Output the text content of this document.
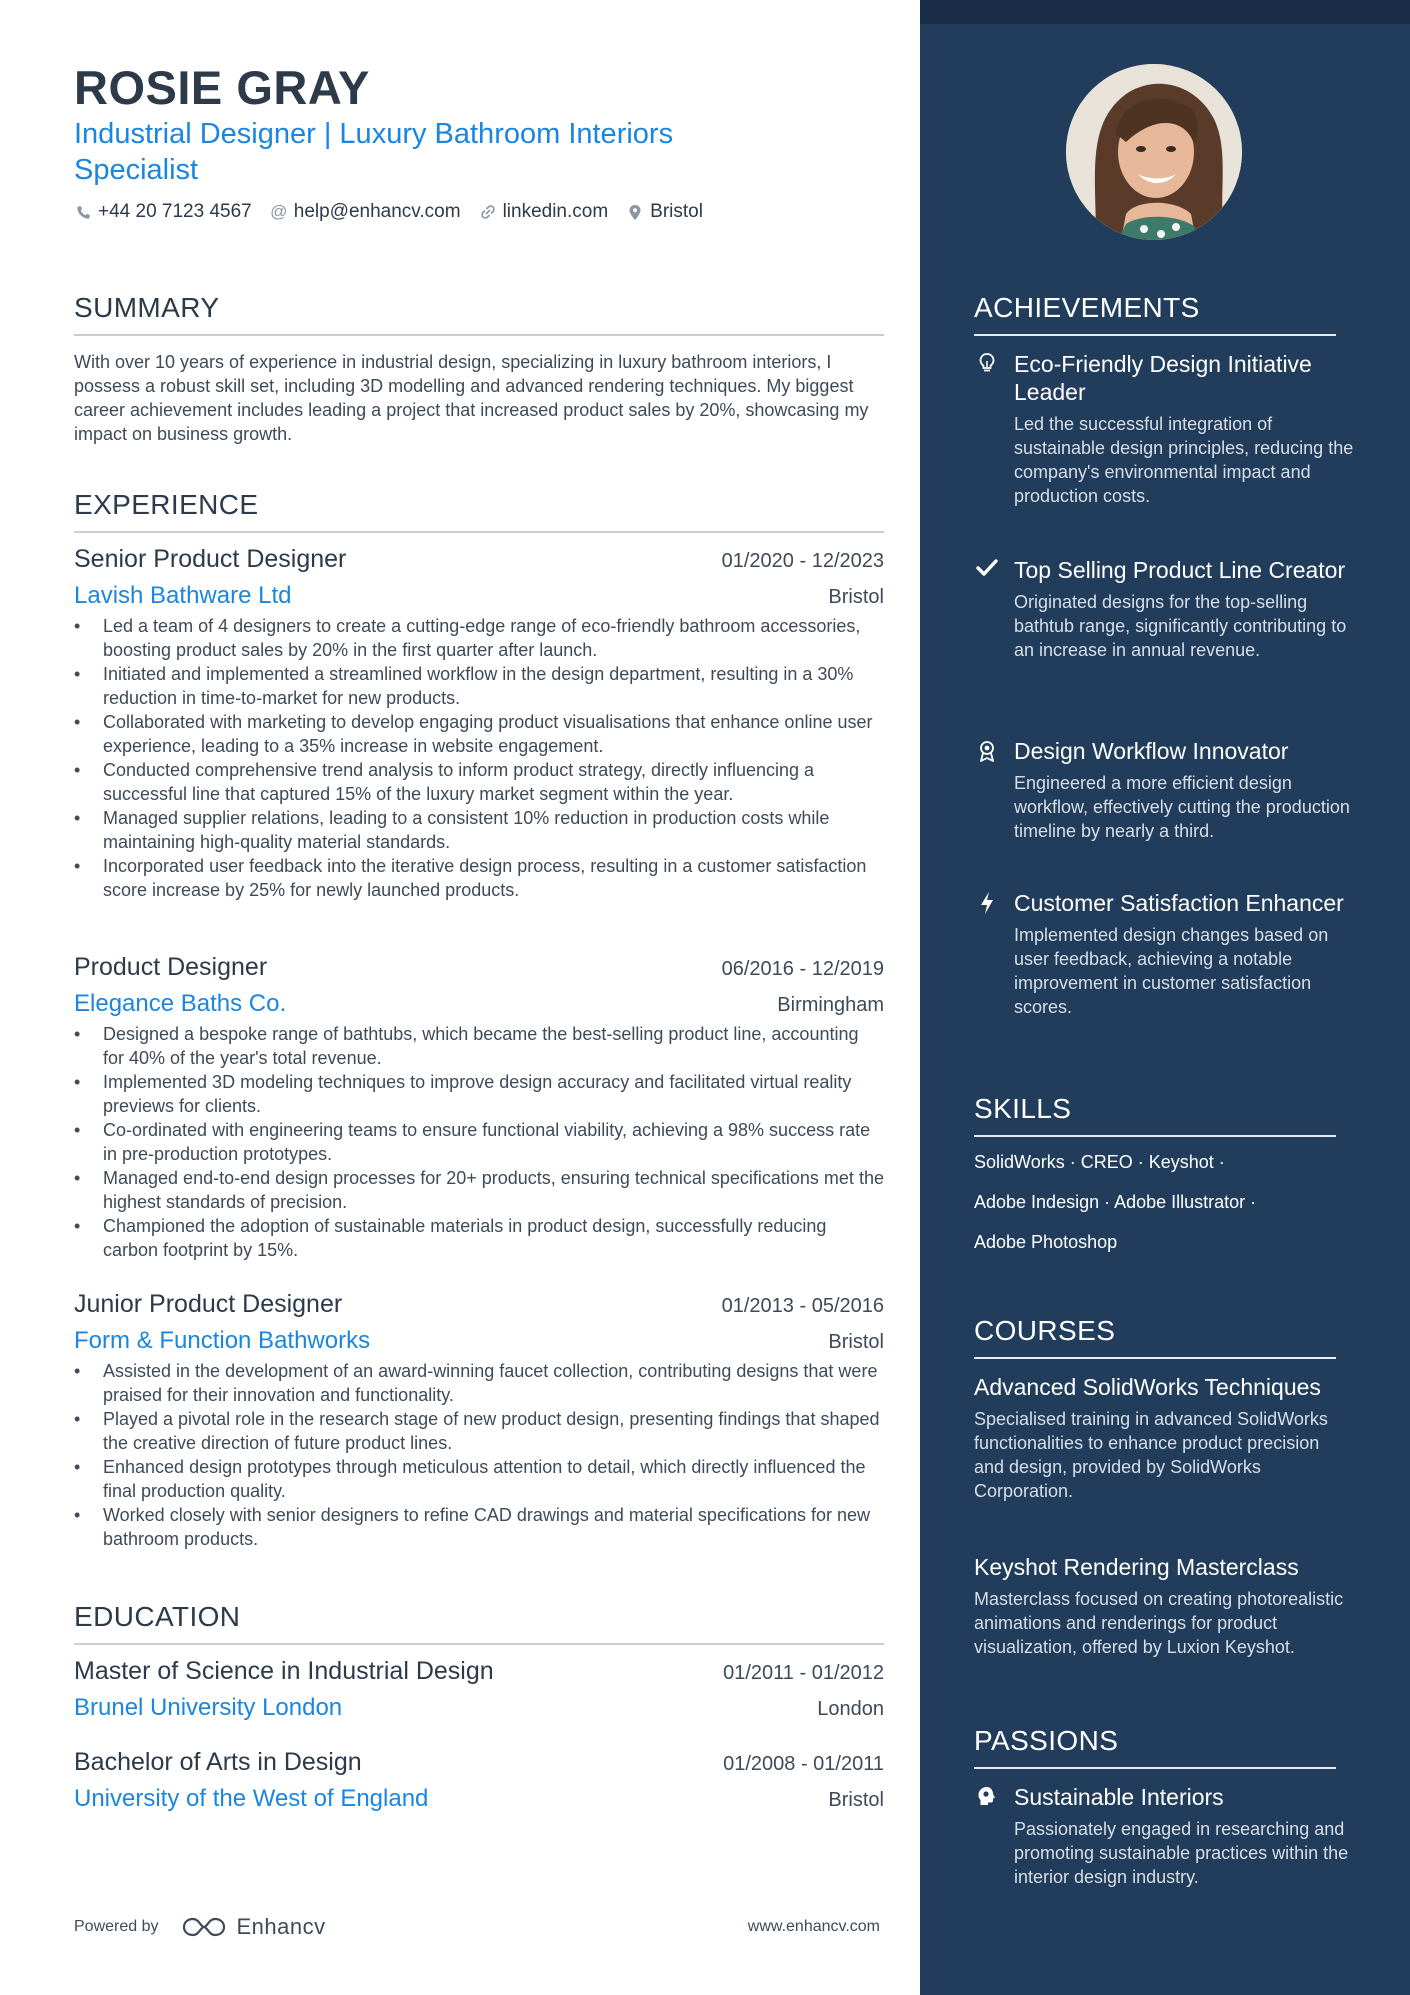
ROSIE GRAY
Industrial Designer | Luxury Bathroom Interiors Specialist
+44 20 7123 4567 @ help@enhancv.com linkedin.com Bristol
SUMMARY
With over 10 years of experience in industrial design, specializing in luxury bathroom interiors, I possess a robust skill set, including 3D modelling and advanced rendering techniques. My biggest career achievement includes leading a project that increased product sales by 20%, showcasing my impact on business growth.
EXPERIENCE
Senior Product Designer	01/2020 - 12/2023
Lavish Bathware Ltd	Bristol
• Led a team of 4 designers to create a cutting-edge range of eco-friendly bathroom accessories, boosting product sales by 20% in the first quarter after launch.
• Initiated and implemented a streamlined workflow in the design department, resulting in a 30% reduction in time-to-market for new products.
• Collaborated with marketing to develop engaging product visualisations that enhance online user experience, leading to a 35% increase in website engagement.
• Conducted comprehensive trend analysis to inform product strategy, directly influencing a successful line that captured 15% of the luxury market segment within the year.
• Managed supplier relations, leading to a consistent 10% reduction in production costs while maintaining high-quality material standards.
• Incorporated user feedback into the iterative design process, resulting in a customer satisfaction score increase by 25% for newly launched products.
Product Designer	06/2016 - 12/2019
Elegance Baths Co.	Birmingham
• Designed a bespoke range of bathtubs, which became the best-selling product line, accounting for 40% of the year's total revenue.
• Implemented 3D modeling techniques to improve design accuracy and facilitated virtual reality previews for clients.
• Co-ordinated with engineering teams to ensure functional viability, achieving a 98% success rate in pre-production prototypes.
• Managed end-to-end design processes for 20+ products, ensuring technical specifications met the highest standards of precision.
• Championed the adoption of sustainable materials in product design, successfully reducing carbon footprint by 15%.
Junior Product Designer	01/2013 - 05/2016
Form & Function Bathworks	Bristol
• Assisted in the development of an award-winning faucet collection, contributing designs that were praised for their innovation and functionality.
• Played a pivotal role in the research stage of new product design, presenting findings that shaped the creative direction of future product lines.
• Enhanced design prototypes through meticulous attention to detail, which directly influenced the final production quality.
• Worked closely with senior designers to refine CAD drawings and material specifications for new bathroom products.
EDUCATION
Master of Science in Industrial Design	01/2011 - 01/2012
Brunel University London	London
Bachelor of Arts in Design	01/2008 - 01/2011
University of the West of England	Bristol
Powered by	Enhancv	www.enhancv.com
ACHIEVEMENTS
Eco-Friendly Design Initiative Leader
Led the successful integration of sustainable design principles, reducing the company's environmental impact and production costs.
Top Selling Product Line Creator
Originated designs for the top-selling bathtub range, significantly contributing to an increase in annual revenue.
Design Workflow Innovator
Engineered a more efficient design workflow, effectively cutting the production timeline by nearly a third.
Customer Satisfaction Enhancer
Implemented design changes based on user feedback, achieving a notable improvement in customer satisfaction scores.
SKILLS
SolidWorks · CREO · Keyshot ·
Adobe Indesign · Adobe Illustrator ·
Adobe Photoshop
COURSES
Advanced SolidWorks Techniques
Specialised training in advanced SolidWorks functionalities to enhance product precision and design, provided by SolidWorks Corporation.
Keyshot Rendering Masterclass
Masterclass focused on creating photorealistic animations and renderings for product visualization, offered by Luxion Keyshot.
PASSIONS
Sustainable Interiors
Passionately engaged in researching and promoting sustainable practices within the interior design industry.
